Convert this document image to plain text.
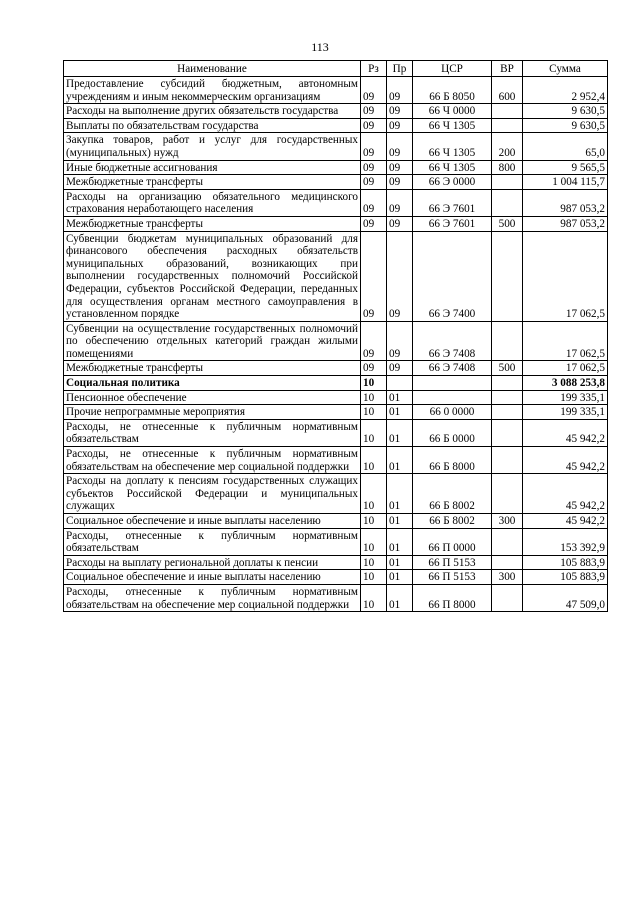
113
Наименование	Рз	Пр	ЦСР	ВР	Сумма
Предоставление субсидий бюджетным, автономным учреждениям и иным некоммерческим организациям	09	09	66 Б 8050	600	2 952,4
Расходы на выполнение других обязательств государства	09	09	66 Ч 0000		9 630,5
Выплаты по обязательствам государства	09	09	66 Ч 1305		9 630,5
Закупка товаров, работ и услуг для государственных (муниципальных) нужд	09	09	66 Ч 1305	200	65,0
Иные бюджетные ассигнования	09	09	66 Ч 1305	800	9 565,5
Межбюджетные трансферты	09	09	66 Э 0000		1 004 115,7
Расходы на организацию обязательного медицинского страхования неработающего населения	09	09	66 Э 7601		987 053,2
Межбюджетные трансферты	09	09	66 Э 7601	500	987 053,2
Субвенции бюджетам муниципальных образований для финансового обеспечения расходных обязательств муниципальных образований, возникающих при выполнении государственных полномочий Российской Федерации, субъектов Российской Федерации, переданных для осуществления органам местного самоуправления в установленном порядке	09	09	66 Э 7400		17 062,5
Субвенции на осуществление государственных полномочий по обеспечению отдельных категорий граждан жилыми помещениями	09	09	66 Э 7408		17 062,5
Межбюджетные трансферты	09	09	66 Э 7408	500	17 062,5
Социальная политика	10				3 088 253,8
Пенсионное обеспечение	10	01			199 335,1
Прочие непрограммные мероприятия	10	01	66 0 0000		199 335,1
Расходы, не отнесенные к публичным нормативным обязательствам	10	01	66 Б 0000		45 942,2
Расходы, не отнесенные к публичным нормативным обязательствам на обеспечение мер социальной поддержки	10	01	66 Б 8000		45 942,2
Расходы на доплату к пенсиям государственных служащих субъектов Российской Федерации и муниципальных служащих	10	01	66 Б 8002		45 942,2
Социальное обеспечение и иные выплаты населению	10	01	66 Б 8002	300	45 942,2
Расходы, отнесенные к публичным нормативным обязательствам	10	01	66 П 0000		153 392,9
Расходы на выплату региональной доплаты к пенсии	10	01	66 П 5153		105 883,9
Социальное обеспечение и иные выплаты населению	10	01	66 П 5153	300	105 883,9
Расходы, отнесенные к публичным нормативным обязательствам на обеспечение мер социальной поддержки	10	01	66 П 8000		47 509,0
